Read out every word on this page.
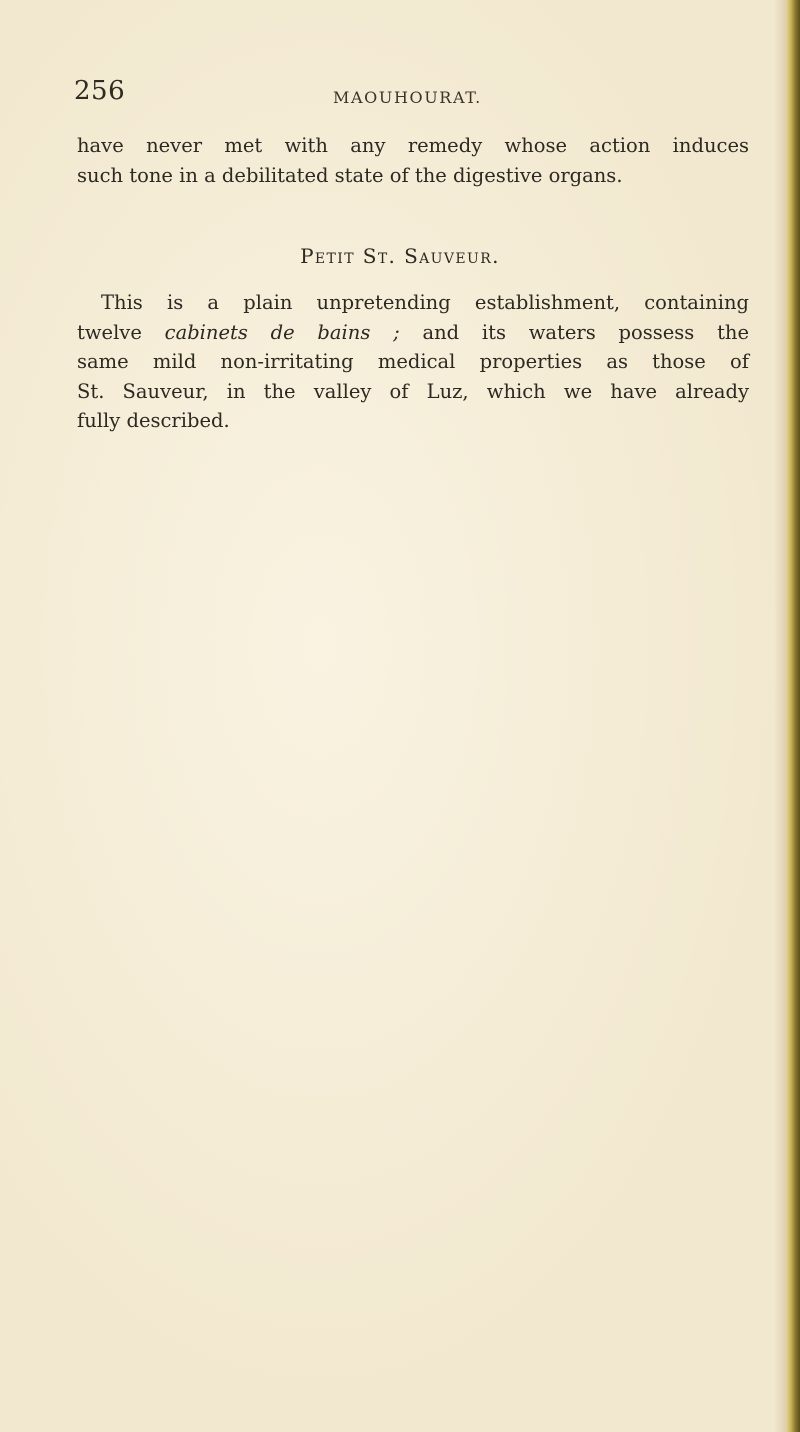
256	MAOUHOURAT.
have never met with any remedy whose action induces
such tone in a debilitated state of the digestive organs.
Petit St. Sauveur.
This is a plain unpretending establishment, containing
twelve cabinets de bains ; and its waters possess the
same mild non-irritating medical properties as those of
St. Sauveur, in the valley of Luz, which we have already
fully described.
